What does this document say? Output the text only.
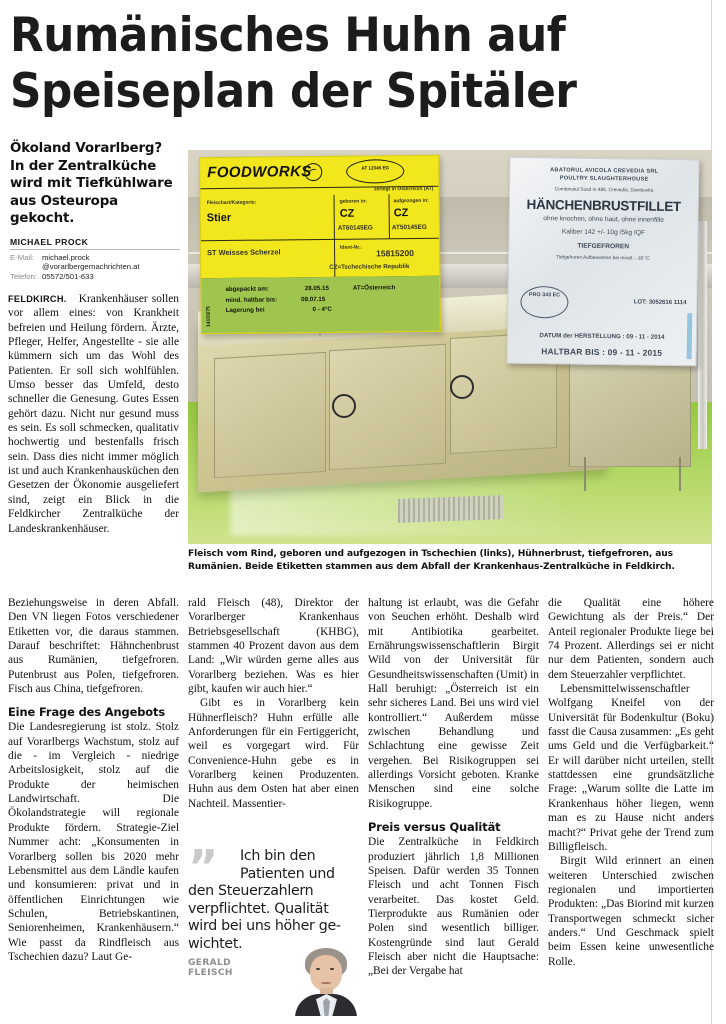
Rumänisches Huhn auf
Speiseplan der Spitäler
Ökoland Vorarlberg? In der Zentralküche wird mit Tiefkühlware aus Osteuropa gekocht.
MICHAEL PROCK
E-Mail:	michael.prock
@vorarlbergernachrichten.at
Telefon: 05572/501-633

FELDKIRCH. Krankenhäuser sollen vor allem eines: von Krankheit befreien und Heilung fördern. Ärzte, Pfleger, Helfer, Angestellte - sie alle kümmern sich um das Wohl des Patienten. Er soll sich wohlfühlen. Umso besser das Umfeld, desto schneller die Genesung. Gutes Essen gehört dazu. Nicht nur gesund muss es sein. Es soll schmecken, qualitativ hochwertig und bestenfalls frisch sein. Dass dies nicht immer möglich ist und auch Krankenhausküchen den Gesetzen der Ökonomie ausgeliefert sind, zeigt ein Blick in die Feldkircher Zentralküche der Landeskrankenhäuser.

FOODWORKS	AT 12345 EG
zerlegt in Österreich (AT)
Fleischart/Kategorie:
Stier
ST Weisses Scherzel
geboren in:
CZ
AT60145EG
aufgezogen in:
CZ
AT50145EG
Ident-Nr.:
15815200
CZ=Tschechische Republik
14103/75
abgepackt am:	28.05.15	AT=Österreich
mind. haltbar bis:	09.07.15
Lagerung bei	0 - 4°C
ABATORUL AVICOLA CREVEDIA SRL
POULTRY SLAUGHTERHOUSE
Combinatul Sosd nr.486, Crevedia, Dambovita
HÄNCHENBRUSTFILLET
ohne knochen, ohne haut, ohne innenfille
Kaliber 142 +/- 10g /5kg IQF
TIEFGEFROREN
Tiefgefroren Aufbewahren bei mindt.: -18 °C
PRO 343 EC
LOT: 3052616 1114
DATUM der HERSTELLUNG : 09 - 11 - 2014
HALTBAR BIS : 09 - 11 - 2015
Fleisch vom Rind, geboren und aufgezogen in Tschechien (links), Hühnerbrust, tiefgefroren, aus Rumänien. Beide Etiketten stammen aus dem Abfall der Krankenhaus-Zentralküche in Feldkirch.

Beziehungsweise in deren Abfall. Den VN liegen Fotos verschiedener Etiketten vor, die daraus stammen. Darauf beschriftet: Hähnchenbrust aus Rumänien, tiefgefroren. Putenbrust aus Polen, tiefgefroren. Fisch aus China, tiefgefroren.

Eine Frage des Angebots

Die Landesregierung ist stolz. Stolz auf Vorarlbergs Wachstum, stolz auf die - im Vergleich - niedrige Arbeitslosigkeit, stolz auf die Produkte der heimischen Landwirtschaft. Die Ökolandstrategie will regionale Produkte fördern. Strategie-Ziel Nummer acht: „Konsumenten in Vorarlberg sollen bis 2020 mehr Lebensmittel aus dem Ländle kaufen und konsumieren: privat und in öffentlichen Einrichtungen wie Schulen, Betriebskantinen, Seniorenheimen, Krankenhäusern.“ Wie passt da Rindfleisch aus Tschechien dazu? Laut Ge-

rald Fleisch (48), Direktor der Vorarlberger Krankenhaus Betriebsgesellschaft (KHBG), stammen 40 Prozent davon aus dem Land: „Wir würden gerne alles aus Vorarlberg beziehen. Was es hier gibt, kaufen wir auch hier.“

Gibt es in Vorarlberg kein Hühnerfleisch? Huhn erfülle alle Anforderungen für ein Fertiggericht, weil es vorgegart wird. Für Convenience-Huhn gebe es in Vorarlberg keinen Produzenten. Huhn aus dem Osten hat aber einen Nachteil. Massentier-

”	Ich bin den
Patienten und
den Steuerzahlern verpflichtet. Qualität wird bei uns höher ge-wichtet.
GERALD
FLEISCH

haltung ist erlaubt, was die Gefahr von Seuchen erhöht. Deshalb wird mit Antibiotika gearbeitet. Ernährungswissenschaftlerin Birgit Wild von der Universität für Gesundheitswissenschaften (Umit) in Hall beruhigt: „Österreich ist ein sehr sicheres Land. Bei uns wird viel kontrolliert.“ Außerdem müsse zwischen Behandlung und Schlachtung eine gewisse Zeit vergehen. Bei Risikogruppen sei allerdings Vorsicht geboten. Kranke Menschen sind eine solche Risikogruppe.

Preis versus Qualität

Die Zentralküche in Feldkirch produziert jährlich 1,8 Millionen Speisen. Dafür werden 35 Tonnen Fleisch und acht Tonnen Fisch verarbeitet. Das kostet Geld. Tierprodukte aus Rumänien oder Polen sind wesentlich billiger. Kostengründe sind laut Gerald Fleisch aber nicht die Hauptsache: „Bei der Vergabe hat

die Qualität eine höhere Gewichtung als der Preis.“ Der Anteil regionaler Produkte liege bei 74 Prozent. Allerdings sei er nicht nur dem Patienten, sondern auch dem Steuerzahler verpflichtet.

Lebensmittelwissenschaftler Wolfgang Kneifel von der Universität für Bodenkultur (Boku) fasst die Causa zusammen: „Es geht ums Geld und die Verfügbarkeit.“ Er will darüber nicht urteilen, stellt stattdessen eine grundsätzliche Frage: „Warum sollte die Latte im Krankenhaus höher liegen, wenn man es zu Hause nicht anders macht?“ Privat gehe der Trend zum Billigfleisch.

Birgit Wild erinnert an einen weiteren Unterschied zwischen regionalen und importierten Produkten: „Das Biorind mit kurzen Transportwegen schmeckt sicher anders.“ Und Geschmack spielt beim Essen keine unwesentliche Rolle.
